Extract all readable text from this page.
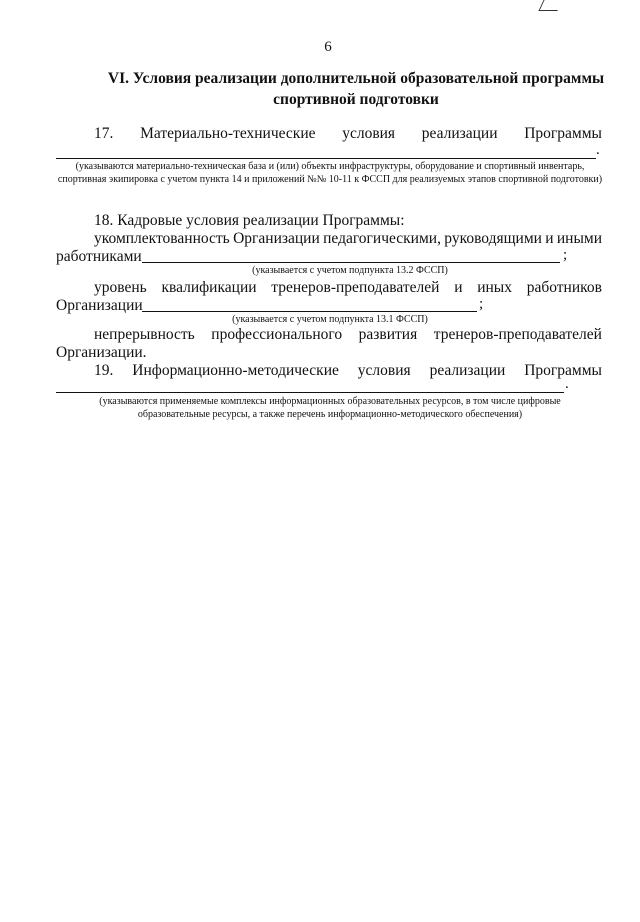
6
VI. Условия реализации дополнительной образовательной программы спортивной подготовки
17. Материально-технические условия реализации Программы
.
(указываются материально-техническая база и (или) объекты инфраструктуры, оборудование и спортивный инвентарь, спортивная экипировка с учетом пункта 14 и приложений №№ 10-11 к ФССП для реализуемых этапов спортивной подготовки)
18. Кадровые условия реализации Программы:
укомплектованность Организации педагогическими, руководящими и иными
работниками	;
(указывается с учетом подпункта 13.2 ФССП)
уровень квалификации тренеров-преподавателей и иных работников
Организации	;
(указывается с учетом подпункта 13.1 ФССП)
непрерывность профессионального развития тренеров-преподавателей
Организации.
19. Информационно-методические условия реализации Программы
.
(указываются применяемые комплексы информационных образовательных ресурсов, в том числе цифровые образовательные ресурсы, а также перечень информационно-методического обеспечения)
